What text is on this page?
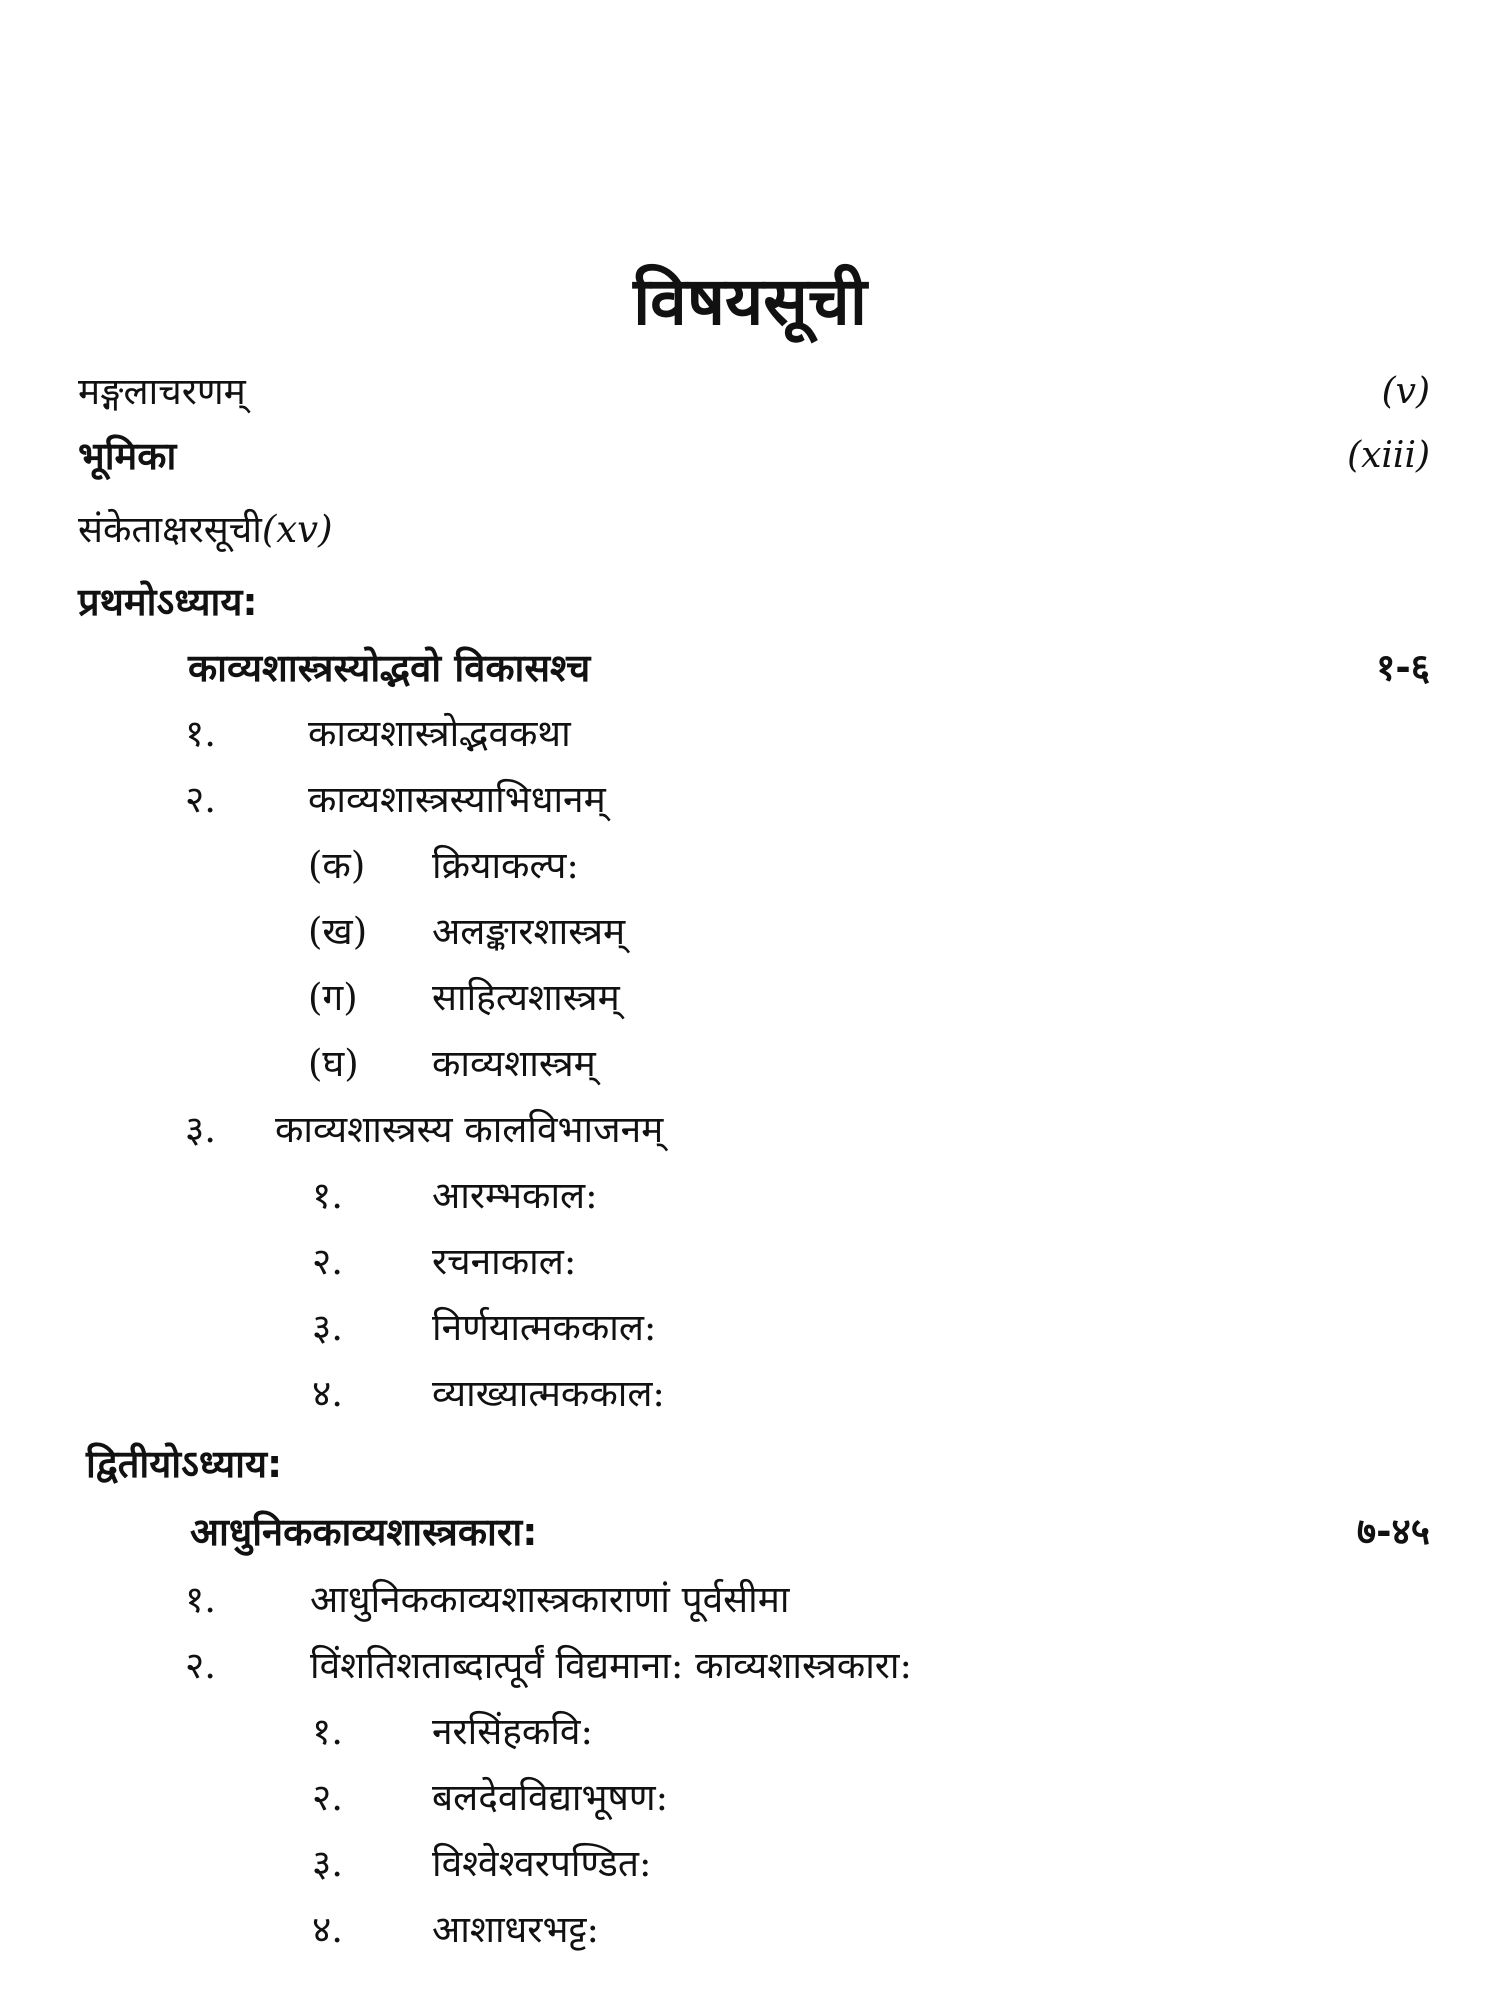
विषयसूची
मङ्गलाचरणम्	(v)
भूमिका	(xiii)
संकेताक्षरसूची(xv)
प्रथमोऽध्याय:
काव्यशास्त्रस्योद्भवो विकासश्च	१-६
१. काव्यशास्त्रोद्भवकथा
२. काव्यशास्त्रस्याभिधानम्
(क) क्रियाकल्प:
(ख) अलङ्कारशास्त्रम्
(ग) साहित्यशास्त्रम्
(घ) काव्यशास्त्रम्
३. काव्यशास्त्रस्य कालविभाजनम्
१. आरम्भकाल:
२. रचनाकाल:
३. निर्णयात्मककाल:
४. व्याख्यात्मककाल:
द्वितीयोऽध्याय:
आधुनिककाव्यशास्त्रकारा:	७-४५
१.	आधुनिककाव्यशास्त्रकाराणां पूर्वसीमा
२.	विंशतिशताब्दात्पूर्वं विद्यमाना: काव्यशास्त्रकारा:
१. नरसिंहकवि:
२. बलदेवविद्याभूषण:
३. विश्वेश्वरपण्डित:
४. आशाधरभट्ट:
